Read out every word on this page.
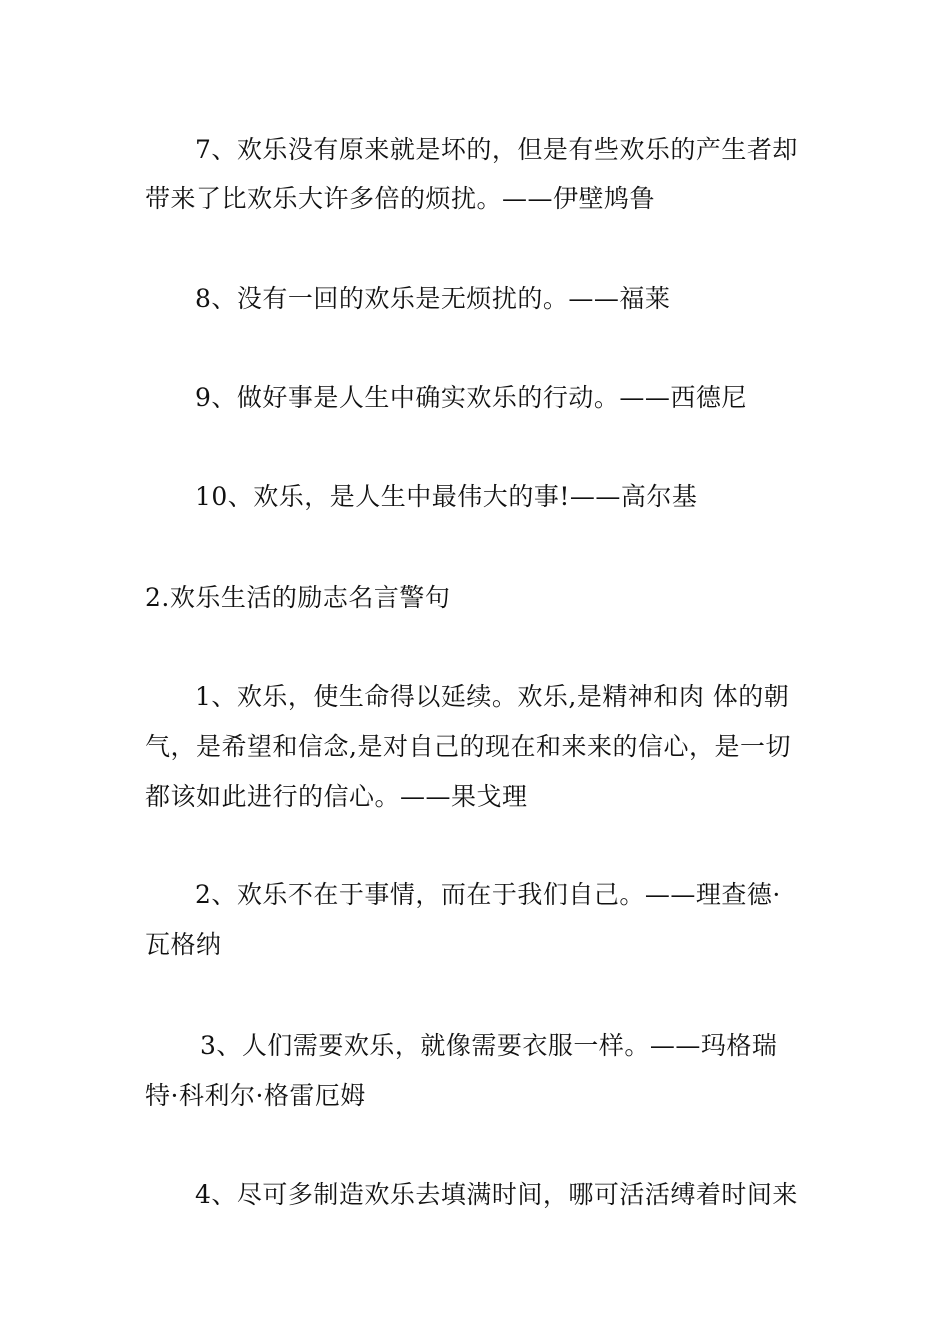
7、欢乐没有原来就是坏的，但是有些欢乐的产生者却
带来了比欢乐大许多倍的烦扰。——伊壁鸠鲁
8、没有一回的欢乐是无烦扰的。——福莱
9、做好事是人生中确实欢乐的行动。——西德尼
10、欢乐，是人生中最伟大的事!——高尔基
2.欢乐生活的励志名言警句
1、欢乐，使生命得以延续。欢乐,是精神和肉 体的朝
气，是希望和信念,是对自己的现在和来来的信心，是一切
都该如此进行的信心。——果戈理
2、欢乐不在于事情，而在于我们自己。——理查德·
瓦格纳
3、人们需要欢乐，就像需要衣服一样。——玛格瑞
特·科利尔·格雷厄姆
4、尽可多制造欢乐去填满时间，哪可活活缚着时间来
